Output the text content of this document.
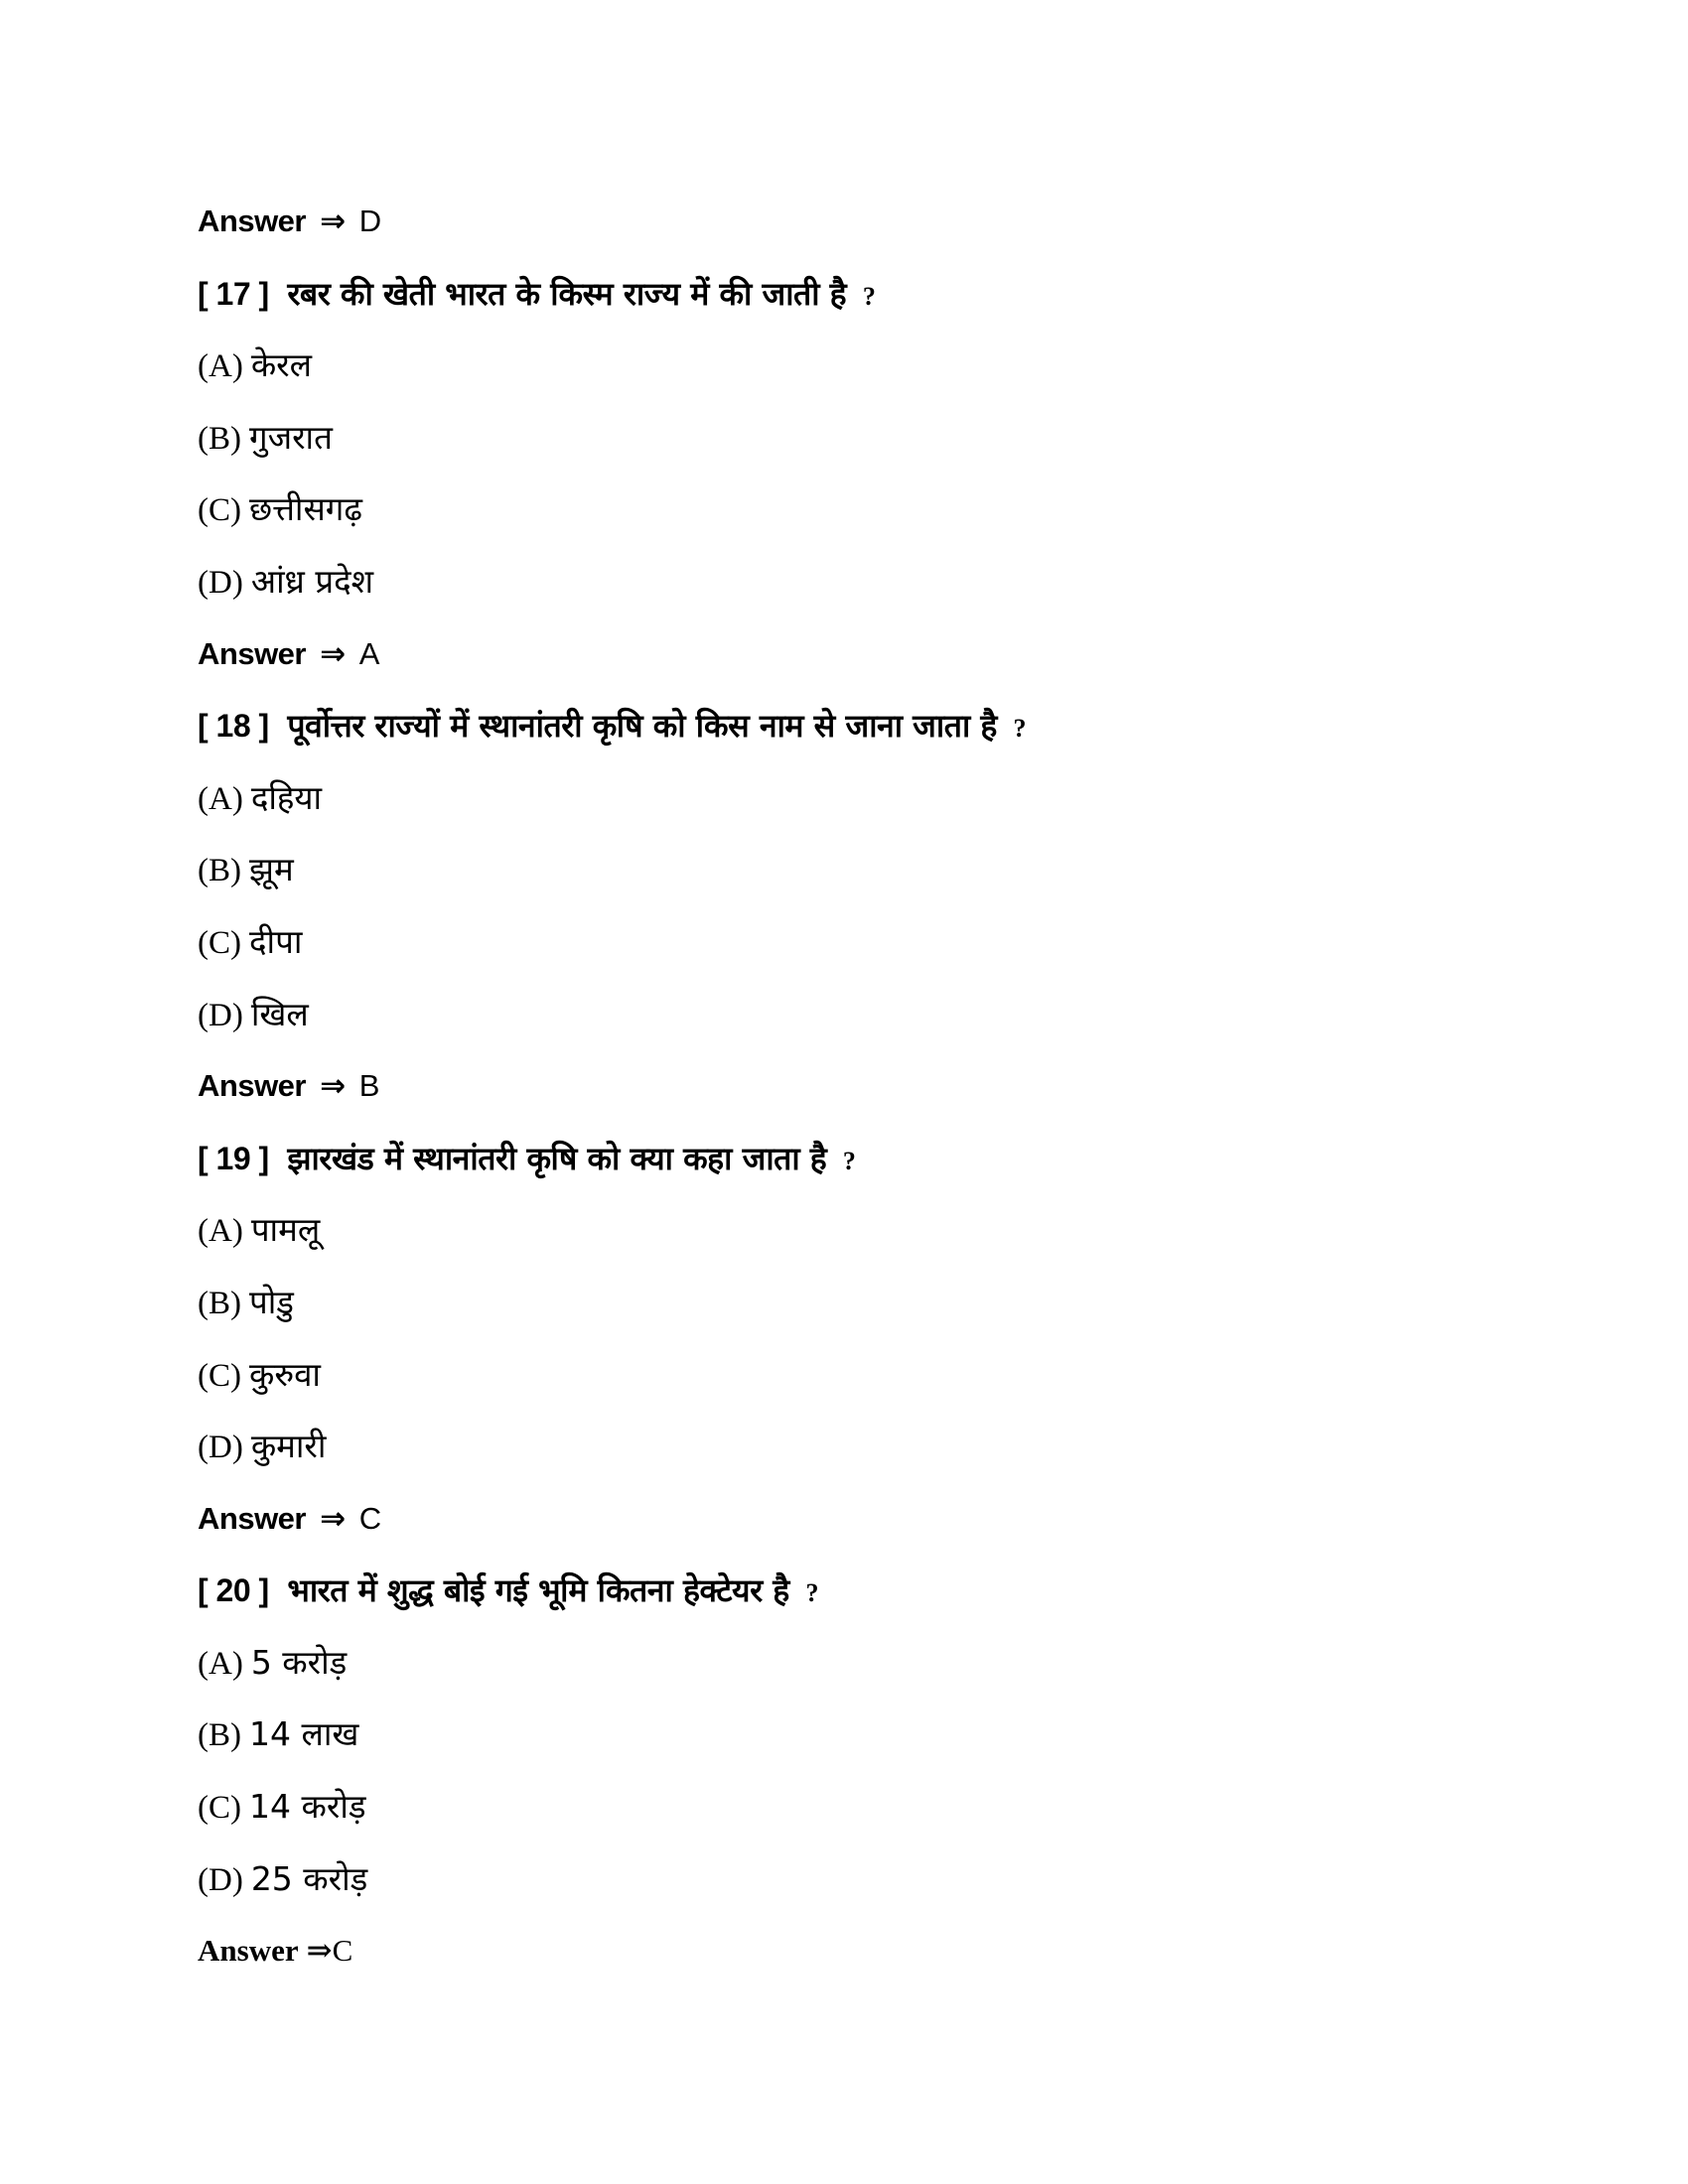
Answer ⇒ D
[ 17 ] रबर की खेती भारत के किस्म राज्य में की जाती है ?
(A) केरल
(B) गुजरात
(C) छत्तीसगढ़
(D) आंध्र प्रदेश
Answer ⇒ A
[ 18 ] पूर्वोत्तर राज्यों में स्थानांतरी कृषि को किस नाम से जाना जाता है ?
(A) दहिया
(B) झूम
(C) दीपा
(D) खिल
Answer ⇒ B
[ 19 ] झारखंड में स्थानांतरी कृषि को क्या कहा जाता है ?
(A) पामलू
(B) पोडु
(C) कुरुवा
(D) कुमारी
Answer ⇒ C
[ 20 ] भारत में शुद्ध बोई गई भूमि कितना हेक्टेयर है ?
(A) 5 करोड़
(B) 14 लाख
(C) 14 करोड़
(D) 25 करोड़
Answer ⇒C
